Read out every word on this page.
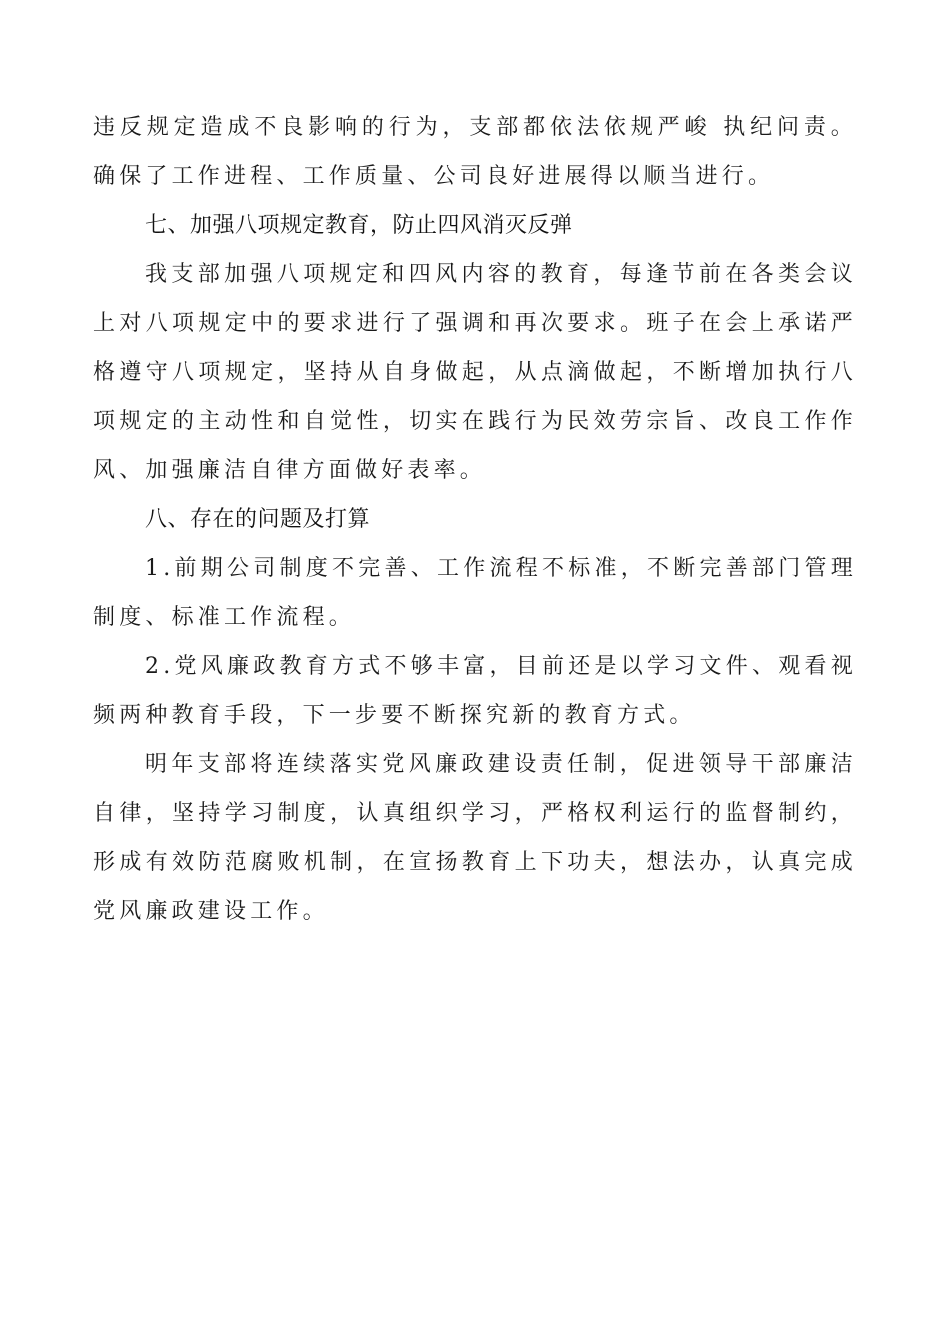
违反规定造成不良影响的行为，支部都依法依规严峻 执纪问责。确保了工作进程、工作质量、公司良好进展得以顺当进行。

七、加强八项规定教育，防止四风消灭反弹

我支部加强八项规定和四风内容的教育，每逢节前在各类会议上对八项规定中的要求进行了强调和再次要求。班子在会上承诺严格遵守八项规定，坚持从自身做起，从点滴做起，不断增加执行八项规定的主动性和自觉性，切实在践行为民效劳宗旨、改良工作作风、加强廉洁自律方面做好表率。

八、存在的问题及打算

1.前期公司制度不完善、工作流程不标准，不断完善部门管理制度、标准工作流程。

2.党风廉政教育方式不够丰富，目前还是以学习文件、观看视频两种教育手段，下一步要不断探究新的教育方式。

明年支部将连续落实党风廉政建设责任制，促进领导干部廉洁自律，坚持学习制度，认真组织学习，严格权利运行的监督制约，形成有效防范腐败机制，在宣扬教育上下功夫，想法办，认真完成党风廉政建设工作。
